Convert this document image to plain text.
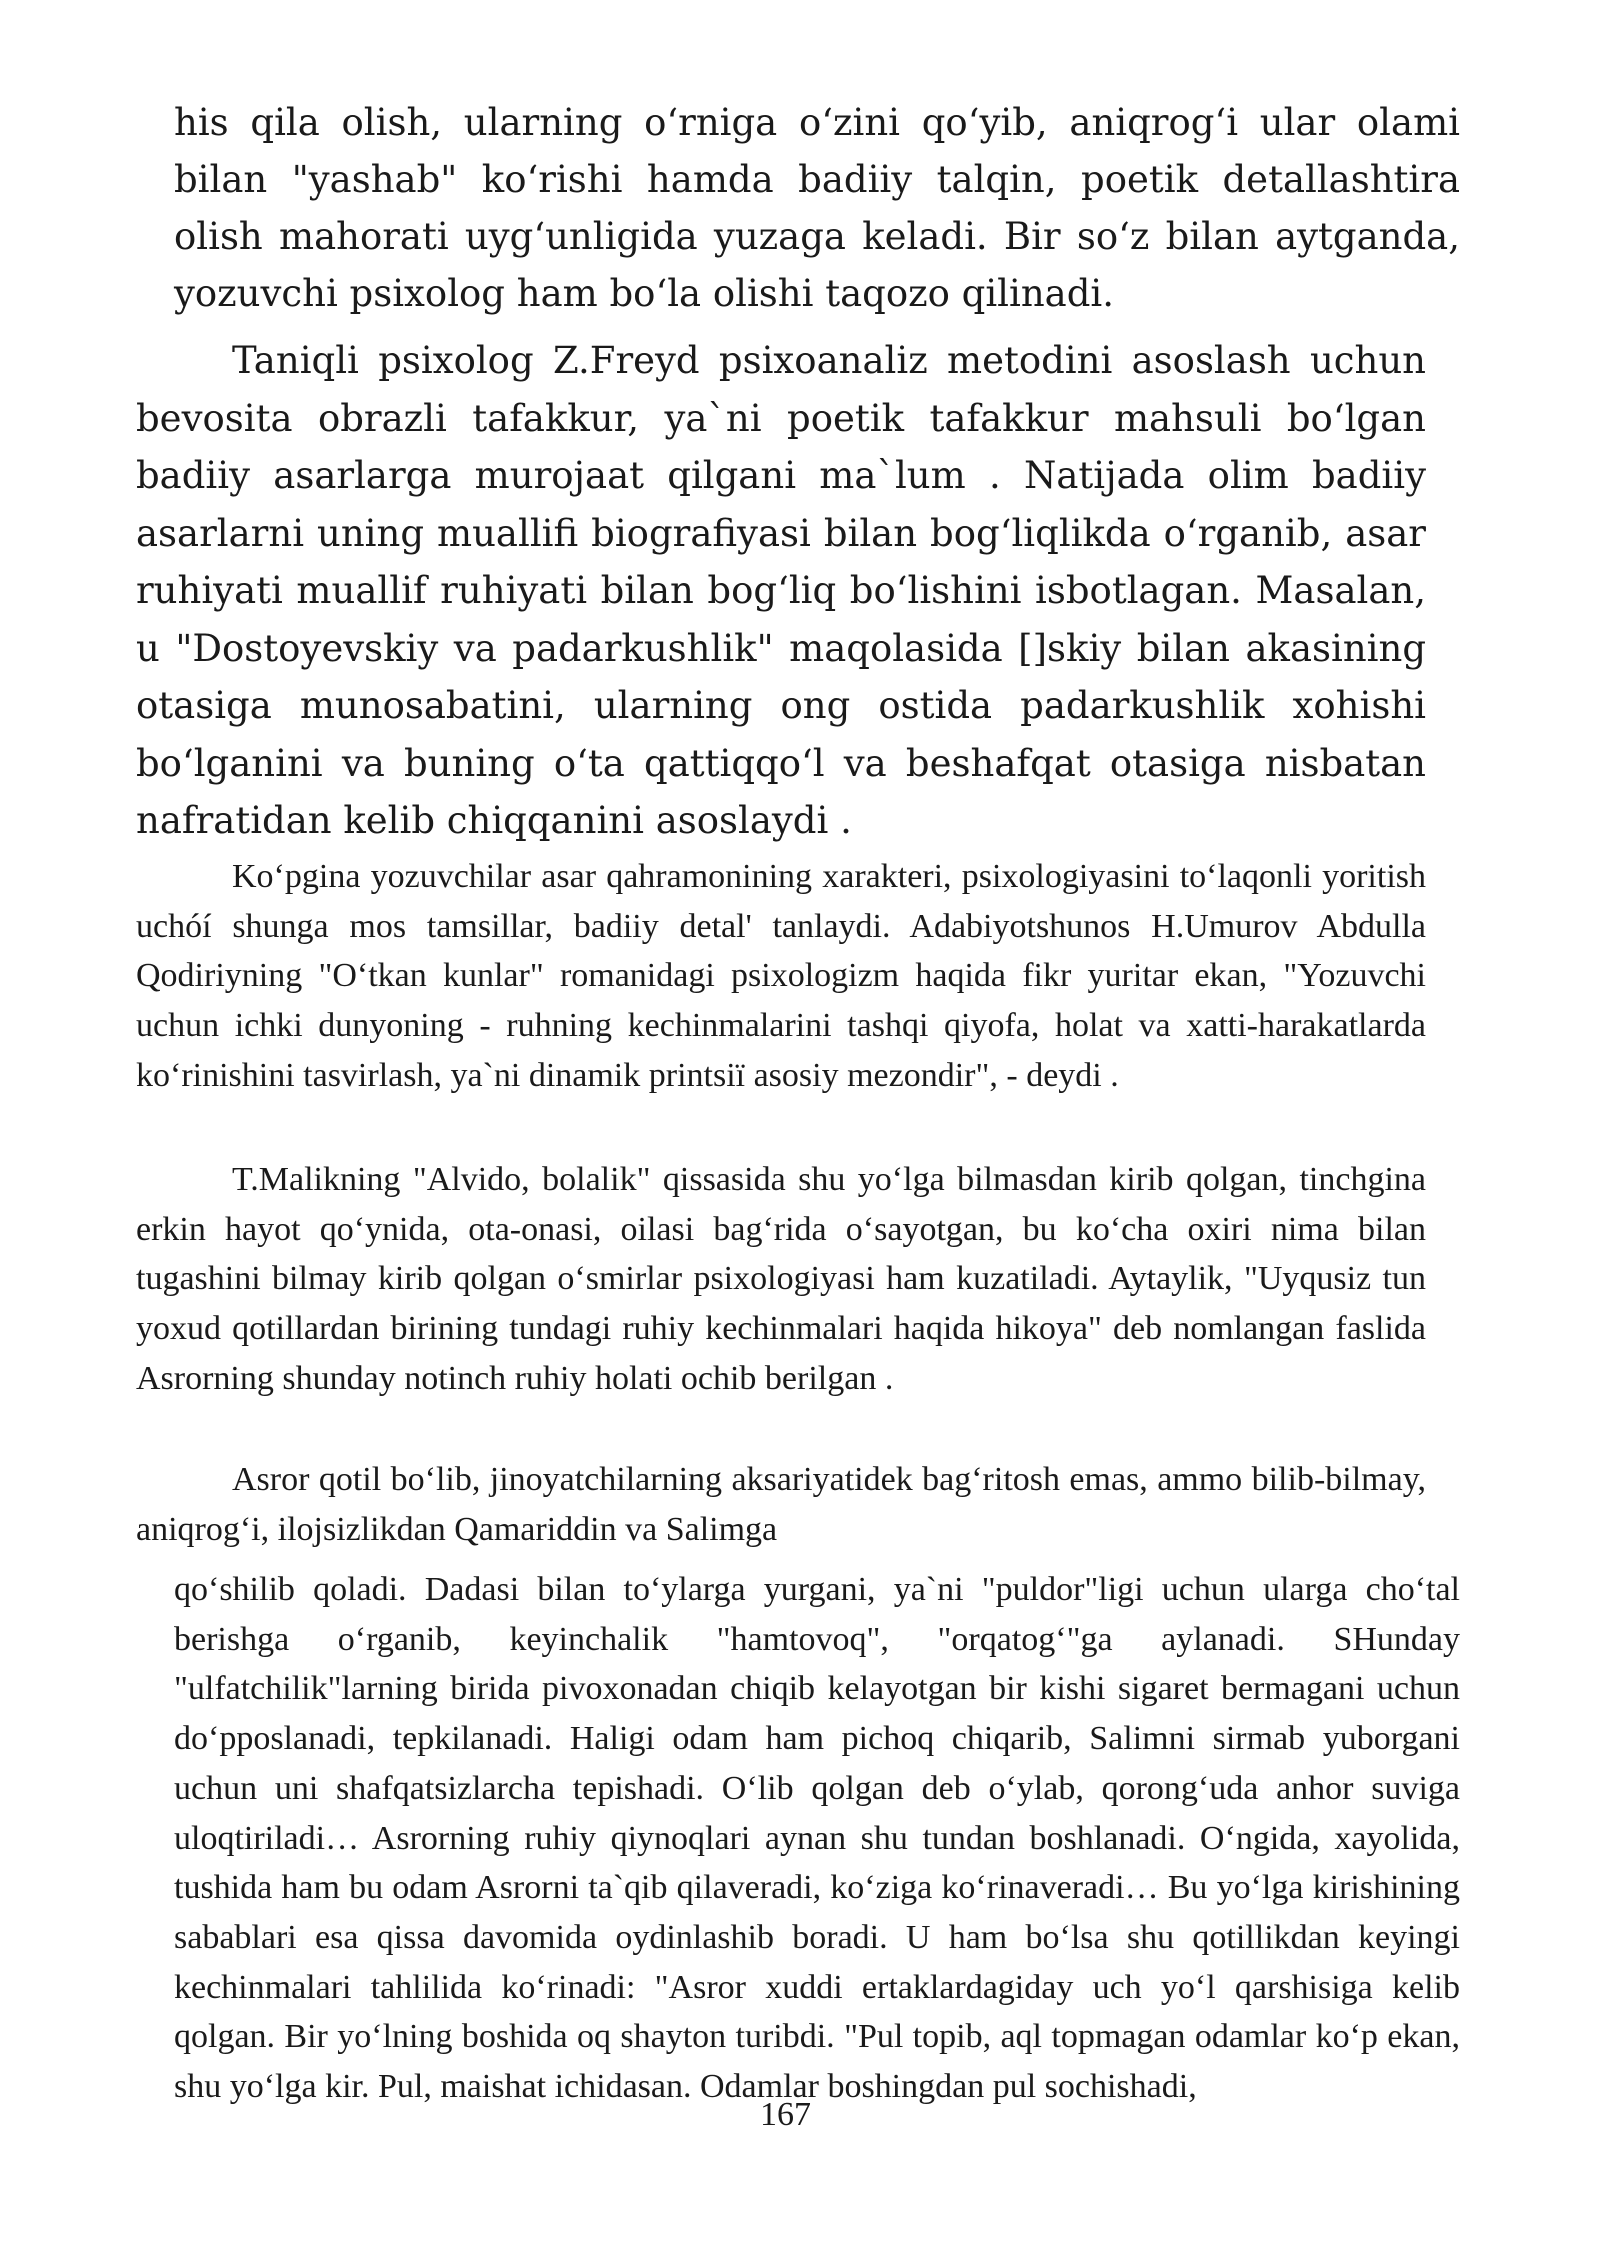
his qila olish, ularning o‘rniga o‘zini qo‘yib, aniqrog‘i ular olami bilan "yashab" ko‘rishi hamda badiiy talqin, poetik detallashtira olish mahorati uyg‘unligida yuzaga keladi. Bir so‘z bilan aytganda, yozuvchi psixolog ham bo‘la olishi taqozo qilinadi.

Taniqli psixolog Z.Freyd psixoanaliz metodini asoslash uchun bevosita obrazli tafakkur, ya`ni poetik tafakkur mahsuli bo‘lgan badiiy asarlarga murojaat qilgani ma`lum . Natijada olim badiiy asarlarni uning muallifi biografiyasi bilan bog‘liqlikda o‘rganib, asar ruhiyati muallif ruhiyati bilan bog‘liq bo‘lishini isbotlagan. Masalan, u "Dostoyevskiy va padarkushlik" maqolasida []skiy bilan akasining otasiga munosabatini, ularning ong ostida padarkushlik xohishi bo‘lganini va buning o‘ta qattiqqo‘l va beshafqat otasiga nisbatan nafratidan kelib chiqqanini asoslaydi .

Ko‘pgina yozuvchilar asar qahramonining xarakteri, psixologiyasini to‘laqonli yoritish uchóí shunga mos tamsillar, badiiy detal' tanlaydi. Adabiyotshunos H.Umurov Abdulla Qodiriyning "O‘tkan kunlar" romanidagi psixologizm haqida fikr yuritar ekan, "Yozuvchi uchun ichki dunyoning - ruhning kechinmalarini tashqi qiyofa, holat va xatti-harakatlarda ko‘rinishini tasvirlash, ya`ni dinamik printsiï asosiy mezondir", - deydi .

T.Malikning "Alvido, bolalik" qissasida shu yo‘lga bilmasdan kirib qolgan, tinchgina erkin hayot qo‘ynida, ota-onasi, oilasi bag‘rida o‘sayotgan, bu ko‘cha oxiri nima bilan tugashini bilmay kirib qolgan o‘smirlar psixologiyasi ham kuzatiladi. Aytaylik, "Uyqusiz tun yoxud qotillardan birining tundagi ruhiy kechinmalari haqida hikoya" deb nomlangan faslida Asrorning shunday notinch ruhiy holati ochib berilgan .

Asror qotil bo‘lib, jinoyatchilarning aksariyatidek bag‘ritosh emas, ammo bilib-bilmay, aniqrog‘i, ilojsizlikdan Qamariddin va Salimga

qo‘shilib qoladi. Dadasi bilan to‘ylarga yurgani, ya`ni "puldor"ligi uchun ularga cho‘tal berishga o‘rganib, keyinchalik "hamtovoq", "orqatog‘"ga aylanadi. SHunday "ulfatchilik"larning birida pivoxonadan chiqib kelayotgan bir kishi sigaret bermagani uchun do‘pposlanadi, tepkilanadi. Haligi odam ham pichoq chiqarib, Salimni sirmab yuborgani uchun uni shafqatsizlarcha tepishadi. O‘lib qolgan deb o‘ylab, qorong‘uda anhor suviga uloqtiriladi… Asrorning ruhiy qiynoqlari aynan shu tundan boshlanadi. O‘ngida, xayolida, tushida ham bu odam Asrorni ta`qib qilaveradi, ko‘ziga ko‘rinaveradi… Bu yo‘lga kirishining sabablari esa qissa davomida oydinlashib boradi. U ham bo‘lsa shu qotillikdan keyingi kechinmalari tahlilida ko‘rinadi: "Asror xuddi ertaklardagiday uch yo‘l qarshisiga kelib qolgan. Bir yo‘lning boshida oq shayton turibdi. "Pul topib, aql topmagan odamlar ko‘p ekan, shu yo‘lga kir. Pul, maishat ichidasan. Odamlar boshingdan pul sochishadi,

167
